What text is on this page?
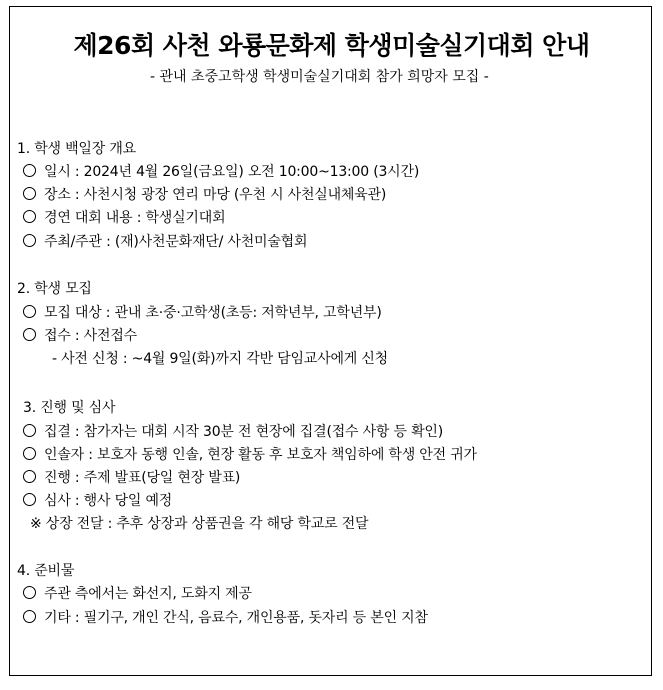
제26회 사천 와룡문화제 학생미술실기대회 안내
- 관내 초중고학생 학생미술실기대회 참가 희망자 모집 -
1. 학생 백일장 개요
일시 : 2024년 4월 26일(금요일) 오전 10:00~13:00 (3시간)
장소 : 사천시청 광장 연리 마당 (우천 시 사천실내체육관)
경연 대회 내용 : 학생실기대회
주최/주관 : (재)사천문화재단/ 사천미술협회
2. 학생 모집
모집 대상 : 관내 초·중·고학생(초등: 저학년부, 고학년부)
접수 : 사전접수
- 사전 신청 : ~4월 9일(화)까지 각반 담임교사에게 신청
3. 진행 및 심사
집결 : 참가자는 대회 시작 30분 전 현장에 집결(접수 사항 등 확인)
인솔자 : 보호자 동행 인솔, 현장 활동 후 보호자 책임하에 학생 안전 귀가
진행 : 주제 발표(당일 현장 발표)
심사 : 행사 당일 예정
※ 상장 전달 : 추후 상장과 상품권을 각 해당 학교로 전달
4. 준비물
주관 측에서는 화선지, 도화지 제공
기타 : 필기구, 개인 간식, 음료수, 개인용품, 돗자리 등 본인 지참
